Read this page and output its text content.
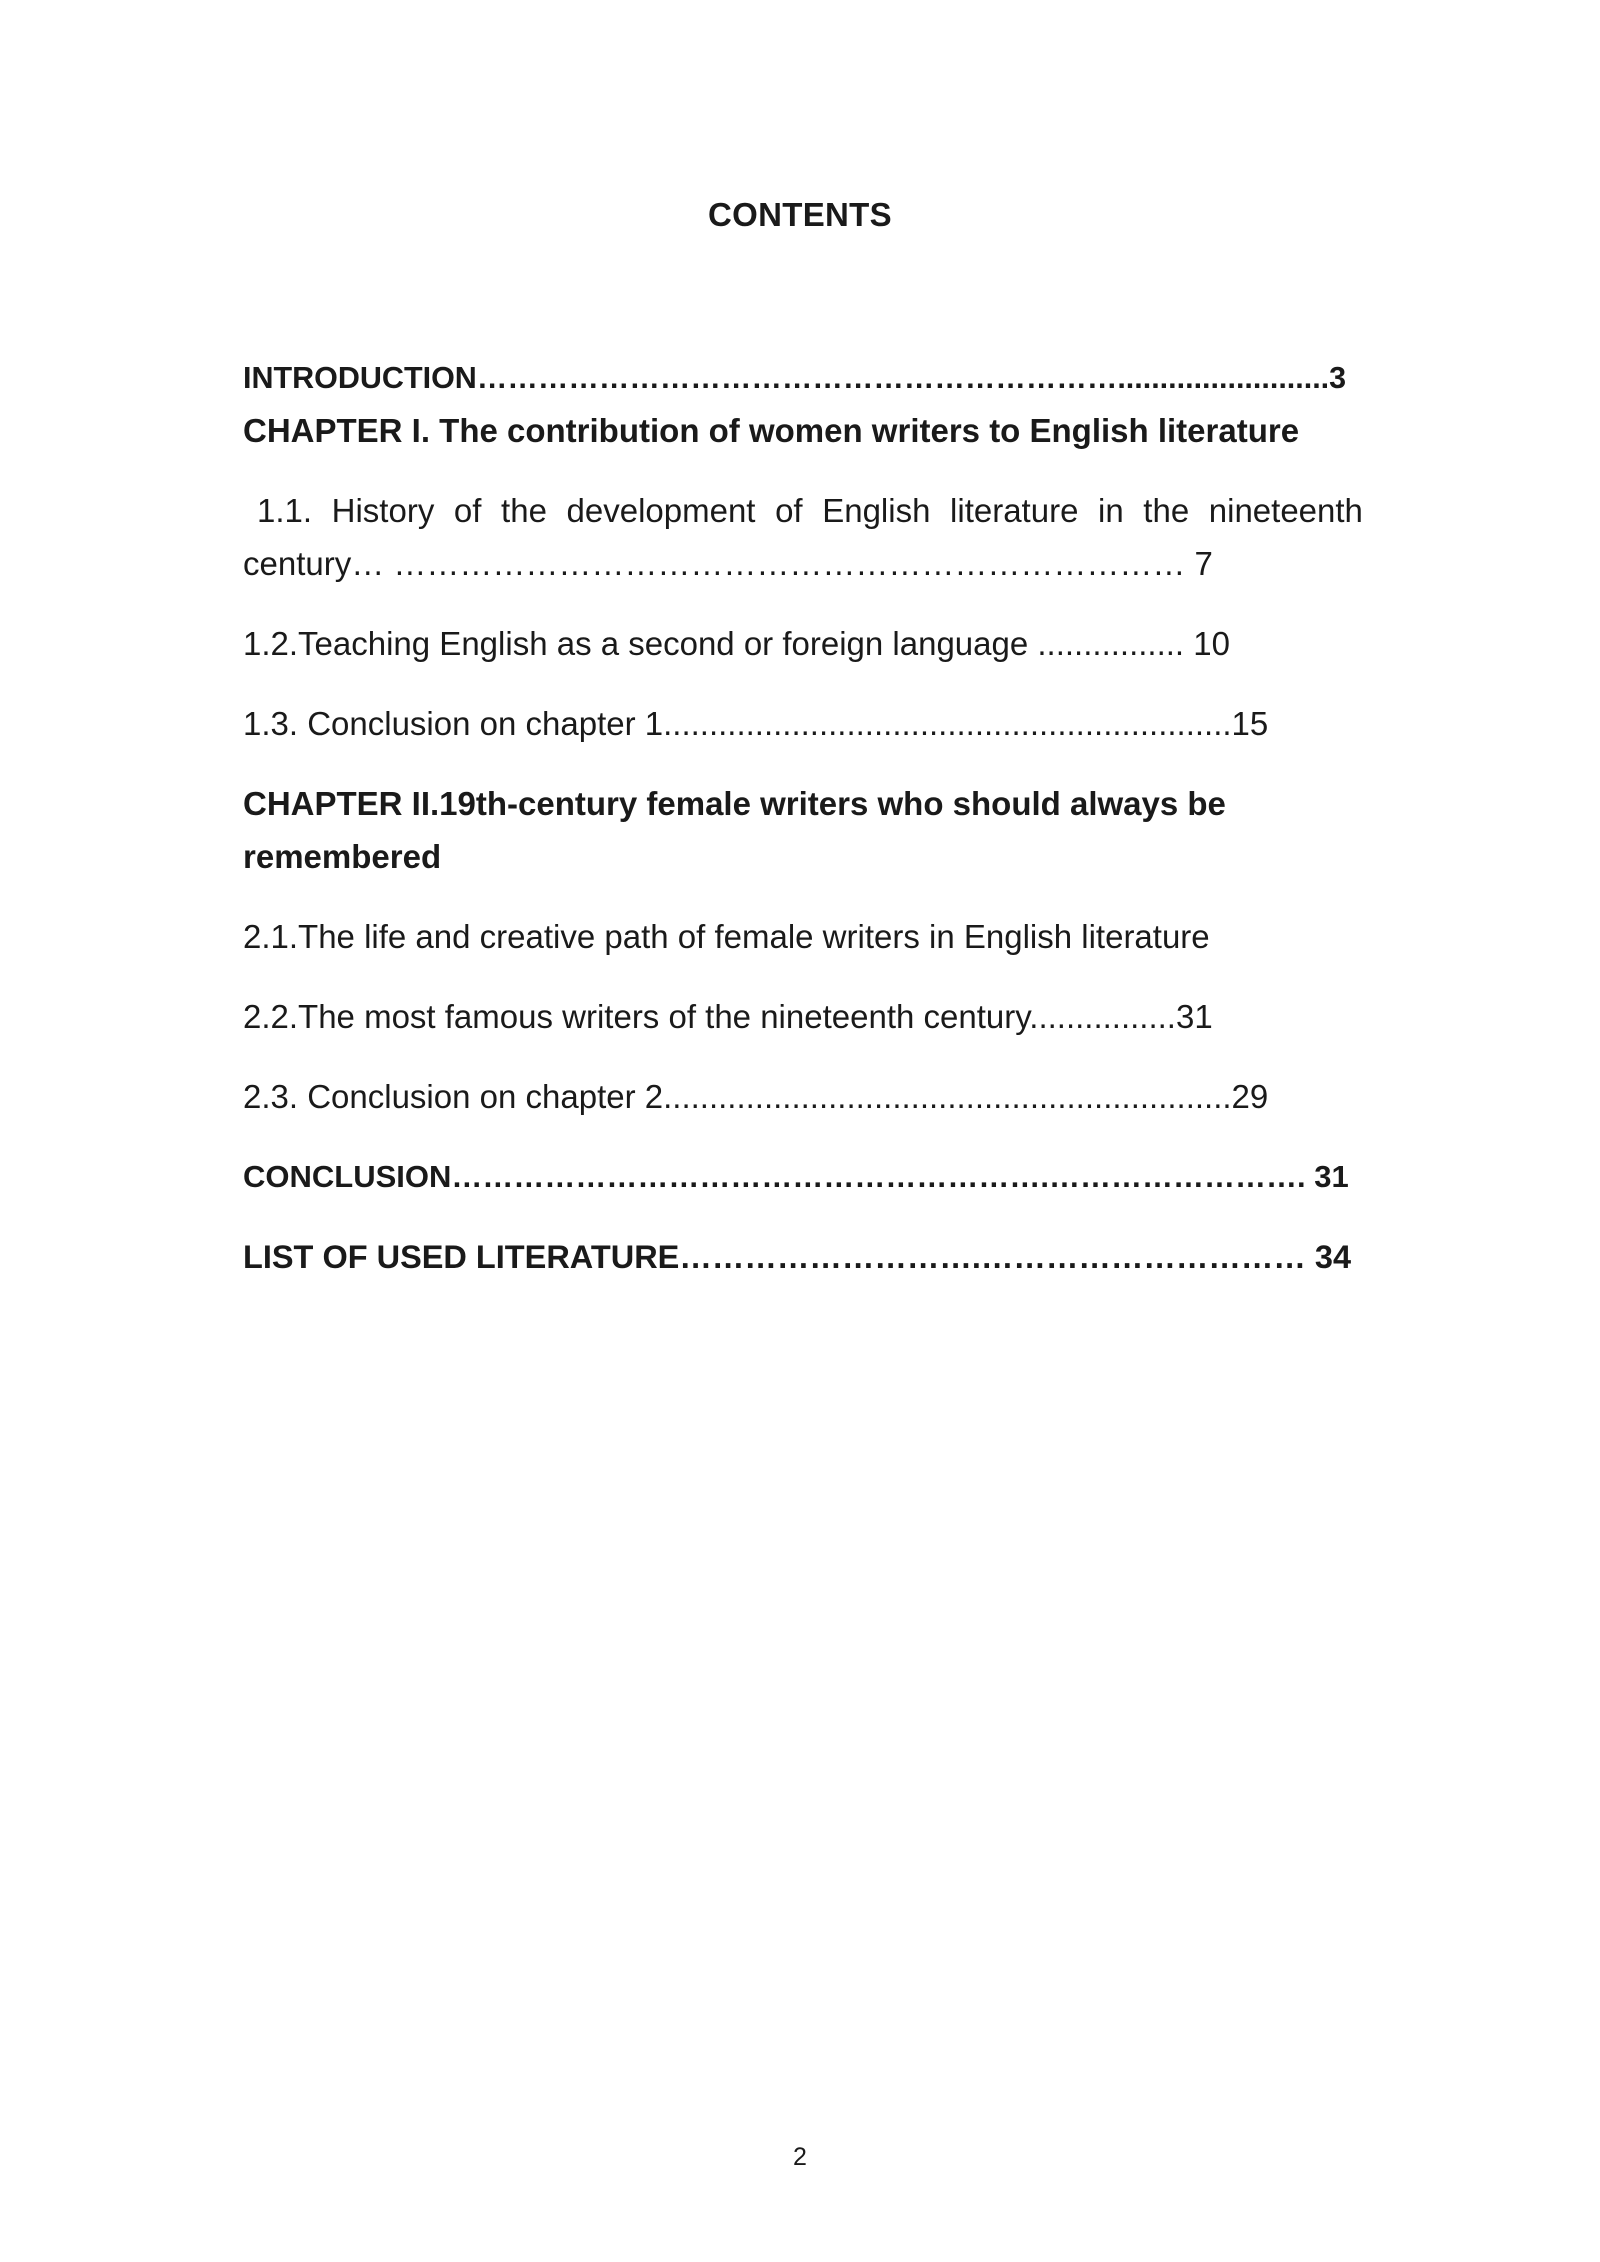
CONTENTS
INTRODUCTION……………………………………………………….........................3
CHAPTER I. The contribution of women writers to English literature
1.1. History of the development of English literature in the nineteenth
century… ……………………………………………………………… 7
1.2.Teaching English as a second or foreign language ................ 10
1.3. Conclusion on chapter 1..............................................................15
CHAPTER II.19th-century female writers who should always be
remembered
2.1.The life and creative path of female writers in English literature
2.2.The most famous writers of the nineteenth century................31
2.3. Conclusion on chapter 2..............................................................29
CONCLUSION………………………………………………….……………………. 31
LIST OF USED LITERATURE……………………….………………………… 34
2
